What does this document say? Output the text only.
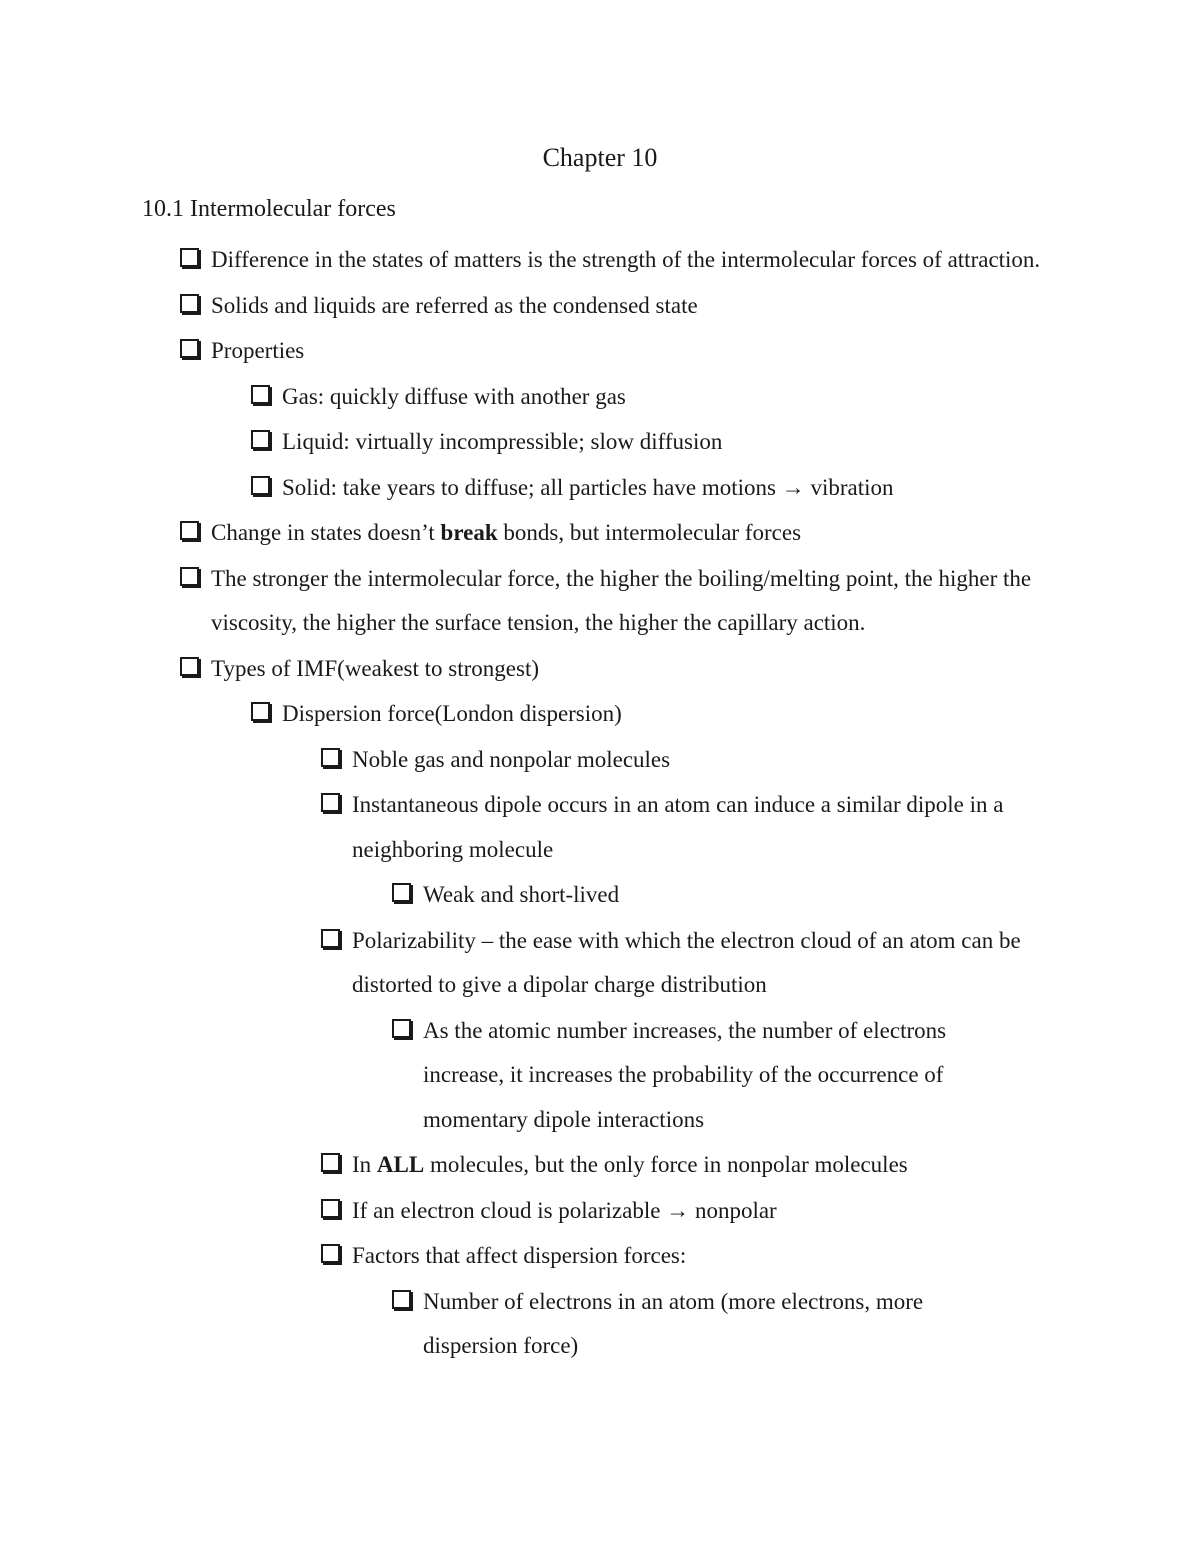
Chapter 10
10.1 Intermolecular forces
Difference in the states of matters is the strength of the intermolecular forces of attraction.
Solids and liquids are referred as the condensed state
Properties
Gas: quickly diffuse with another gas
Liquid: virtually incompressible; slow diffusion
Solid: take years to diffuse; all particles have motions → vibration
Change in states doesn’t break bonds, but intermolecular forces
The stronger the intermolecular force, the higher the boiling/melting point, the higher the viscosity, the higher the surface tension, the higher the capillary action.
Types of IMF(weakest to strongest)
Dispersion force(London dispersion)
Noble gas and nonpolar molecules
Instantaneous dipole occurs in an atom can induce a similar dipole in a neighboring molecule
Weak and short-lived
Polarizability – the ease with which the electron cloud of an atom can be distorted to give a dipolar charge distribution
As the atomic number increases, the number of electrons increase, it increases the probability of the occurrence of momentary dipole interactions
In ALL molecules, but the only force in nonpolar molecules
If an electron cloud is polarizable → nonpolar
Factors that affect dispersion forces:
Number of electrons in an atom (more electrons, more dispersion force)
